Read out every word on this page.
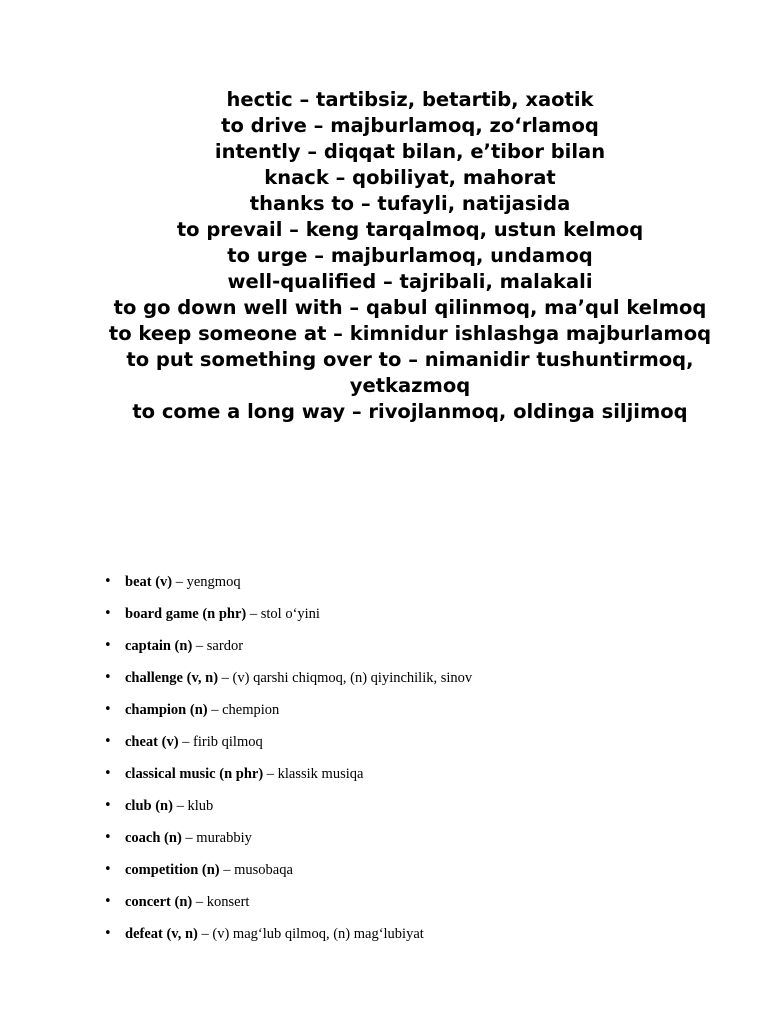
hectic – tartibsiz, betartib, xaotik

to drive – majburlamoq, zo‘rlamoq

intently – diqqat bilan, e’tibor bilan

knack – qobiliyat, mahorat

thanks to – tufayli, natijasida

to prevail – keng tarqalmoq, ustun kelmoq

to urge – majburlamoq, undamoq

well-qualified – tajribali, malakali

to go down well with – qabul qilinmoq, ma’qul kelmoq

to keep someone at – kimnidur ishlashga majburlamoq

to put something over to – nimanidir tushuntirmoq, yetkazmoq

to come a long way – rivojlanmoq, oldinga siljimoq

• beat (v) – yengmoq
• board game (n phr) – stol o‘yini
• captain (n) – sardor
• challenge (v, n) – (v) qarshi chiqmoq, (n) qiyinchilik, sinov
• champion (n) – chempion
• cheat (v) – firib qilmoq
• classical music (n phr) – klassik musiqa
• club (n) – klub
• coach (n) – murabbiy
• competition (n) – musobaqa
• concert (n) – konsert
• defeat (v, n) – (v) mag‘lub qilmoq, (n) mag‘lubiyat
